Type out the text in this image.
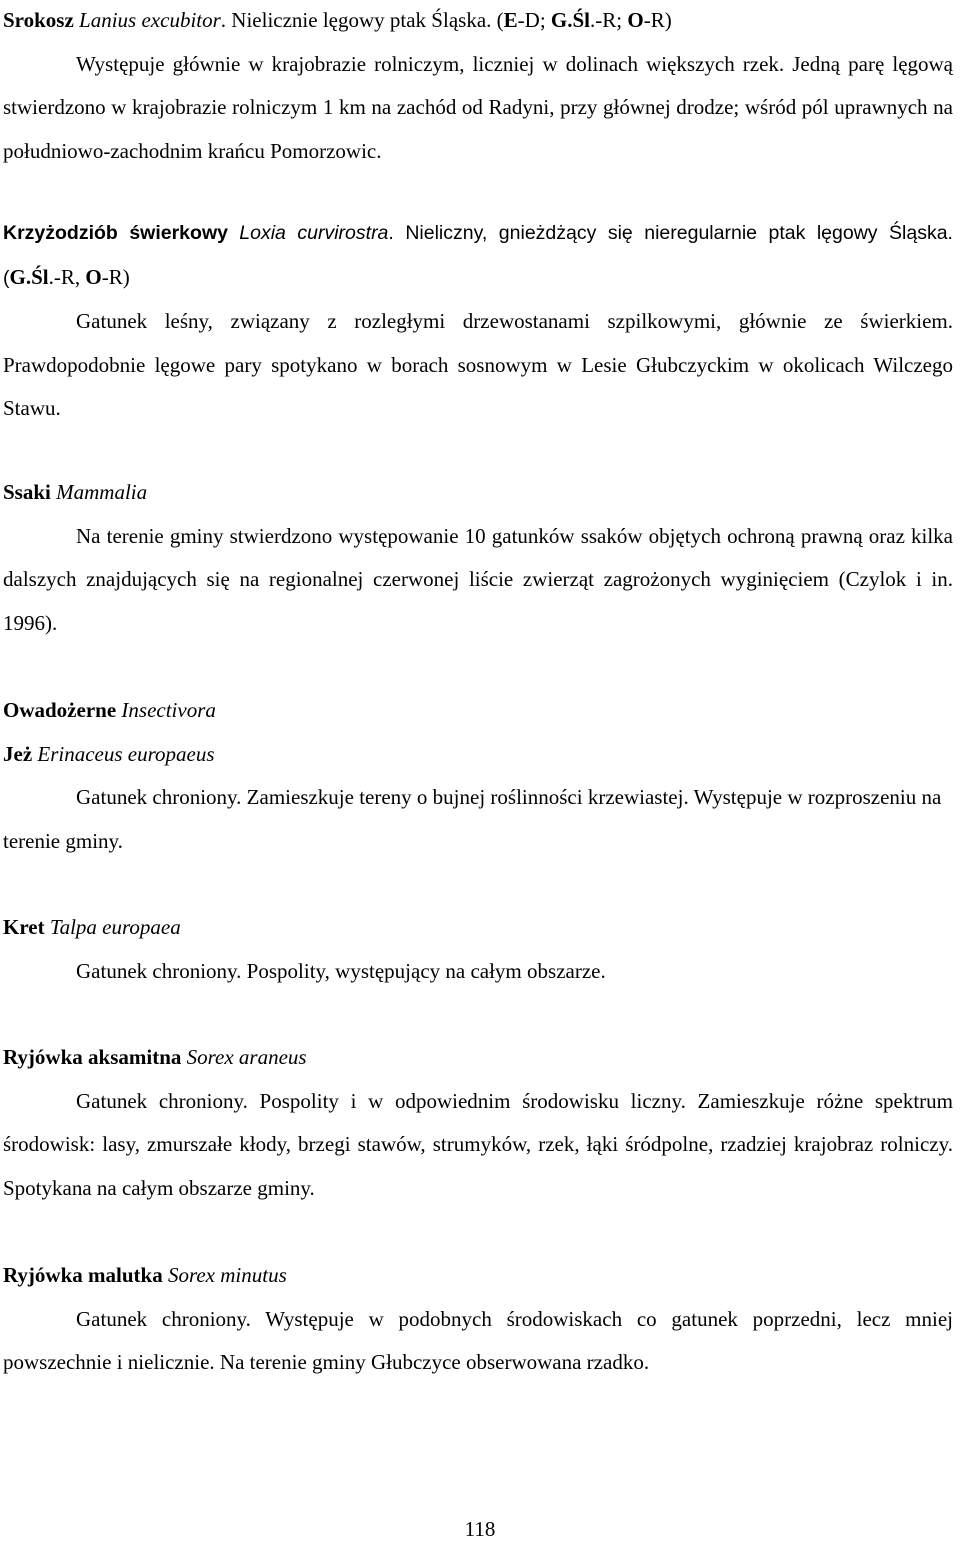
Srokosz Lanius excubitor. Nielicznie lęgowy ptak Śląska. (E-D; G.Śl.-R; O-R)

Występuje głównie w krajobrazie rolniczym, liczniej w dolinach większych rzek. Jedną parę lęgową stwierdzono w krajobrazie rolniczym 1 km na zachód od Radyni, przy głównej drodze; wśród pól uprawnych na południowo-zachodnim krańcu Pomorzowic.

Krzyżodziób świerkowy Loxia curvirostra. Nieliczny, gnieżdżący się nieregularnie ptak lęgowy Śląska. (G.Śl.-R, O-R)

Gatunek leśny, związany z rozległymi drzewostanami szpilkowymi, głównie ze świerkiem. Prawdopodobnie lęgowe pary spotykano w borach sosnowym w Lesie Głubczyckim w okolicach Wilczego Stawu.

Ssaki Mammalia

Na terenie gminy stwierdzono występowanie 10 gatunków ssaków objętych ochroną prawną oraz kilka dalszych znajdujących się na regionalnej czerwonej liście zwierząt zagrożonych wyginięciem (Czylok i in. 1996).

Owadożerne Insectivora

Jeż Erinaceus europaeus

Gatunek chroniony. Zamieszkuje tereny o bujnej roślinności krzewiastej. Występuje w rozproszeniu na terenie gminy.

Kret Talpa europaea

Gatunek chroniony. Pospolity, występujący na całym obszarze.

Ryjówka aksamitna Sorex araneus

Gatunek chroniony. Pospolity i w odpowiednim środowisku liczny. Zamieszkuje różne spektrum środowisk: lasy, zmurszałe kłody, brzegi stawów, strumyków, rzek, łąki śródpolne, rzadziej krajobraz rolniczy. Spotykana na całym obszarze gminy.

Ryjówka malutka Sorex minutus

Gatunek chroniony. Występuje w podobnych środowiskach co gatunek poprzedni, lecz mniej powszechnie i nielicznie. Na terenie gminy Głubczyce obserwowana rzadko.

118
